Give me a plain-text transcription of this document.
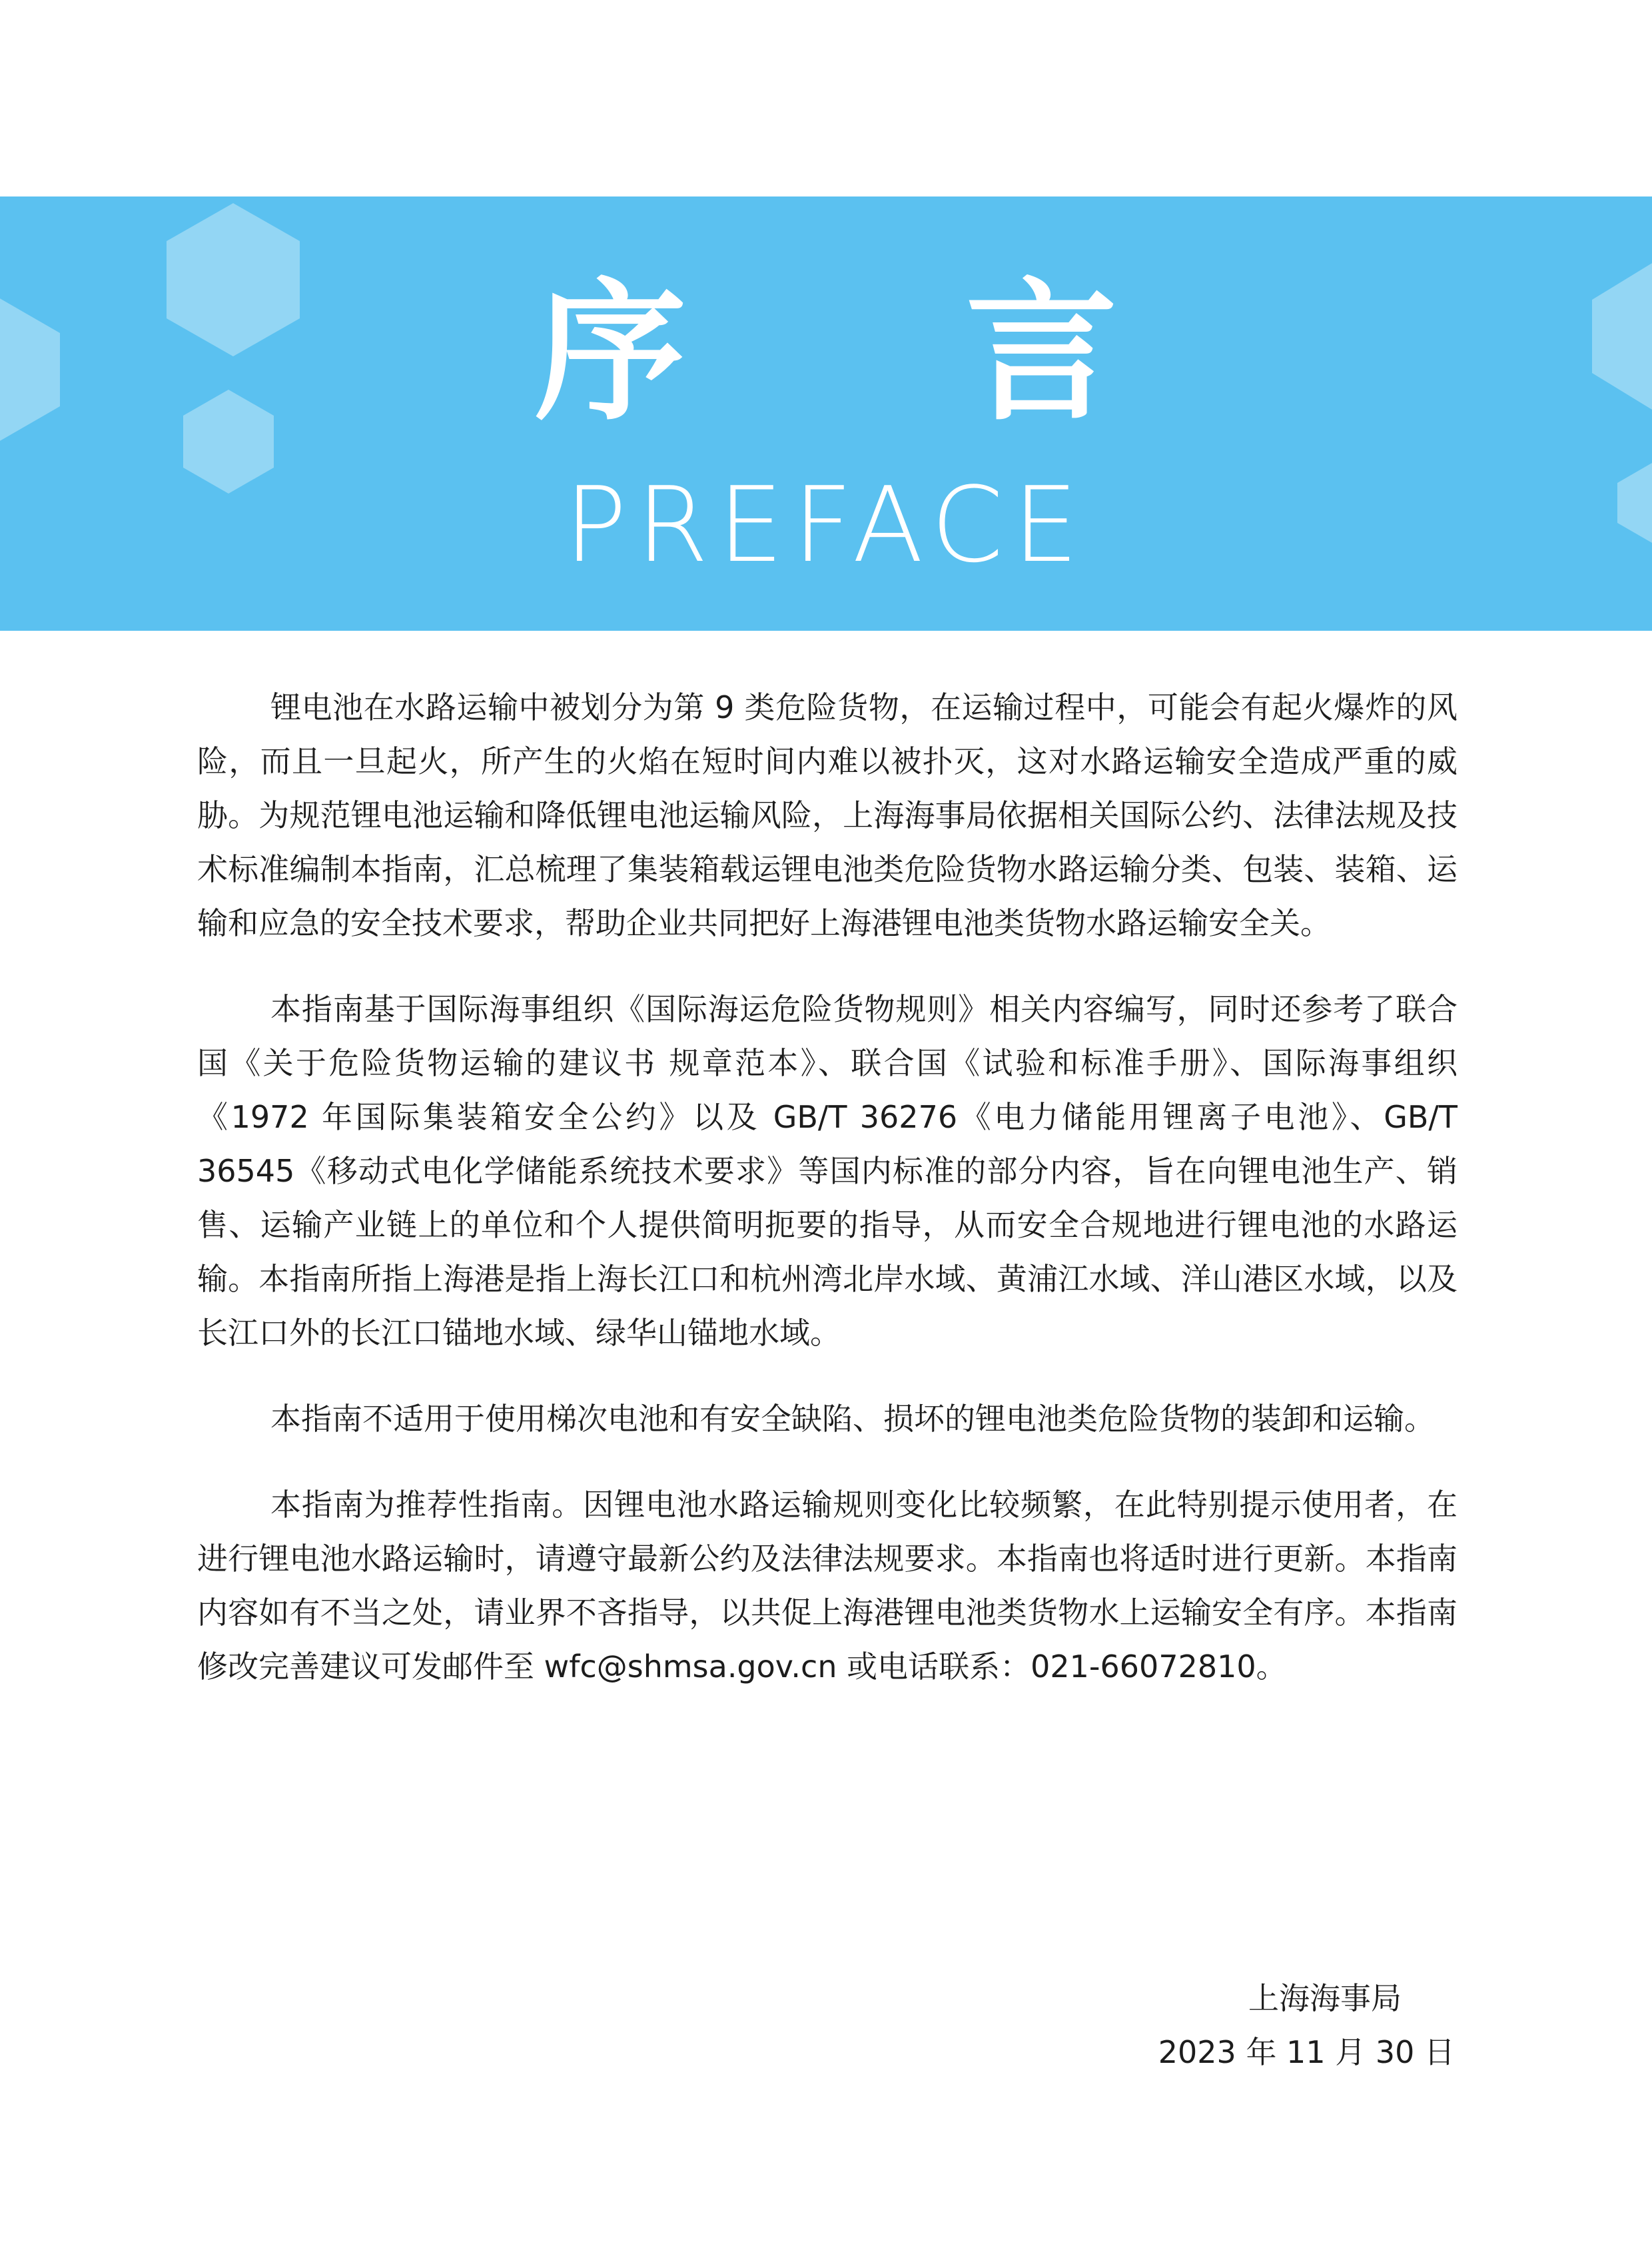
序 言
PREFACE

锂电池在水路运输中被划分为第 9 类危险货物，在运输过程中，可能会有起火爆炸的风险，而且一旦起火，所产生的火焰在短时间内难以被扑灭，这对水路运输安全造成严重的威胁。为规范锂电池运输和降低锂电池运输风险，上海海事局依据相关国际公约、法律法规及技术标准编制本指南，汇总梳理了集装箱载运锂电池类危险货物水路运输分类、包装、装箱、运输和应急的安全技术要求，帮助企业共同把好上海港锂电池类货物水路运输安全关。

本指南基于国际海事组织《国际海运危险货物规则》相关内容编写，同时还参考了联合国《关于危险货物运输的建议书 规章范本》、联合国《试验和标准手册》、国际海事组织《1972 年国际集装箱安全公约》以及 GB/T 36276《电力储能用锂离子电池》、GB/T 36545《移动式电化学储能系统技术要求》等国内标准的部分内容，旨在向锂电池生产、销售、运输产业链上的单位和个人提供简明扼要的指导，从而安全合规地进行锂电池的水路运输。本指南所指上海港是指上海长江口和杭州湾北岸水域、黄浦江水域、洋山港区水域，以及长江口外的长江口锚地水域、绿华山锚地水域。

本指南不适用于使用梯次电池和有安全缺陷、损坏的锂电池类危险货物的装卸和运输。

本指南为推荐性指南。因锂电池水路运输规则变化比较频繁，在此特别提示使用者，在进行锂电池水路运输时，请遵守最新公约及法律法规要求。本指南也将适时进行更新。本指南内容如有不当之处，请业界不吝指导，以共促上海港锂电池类货物水上运输安全有序。本指南修改完善建议可发邮件至 wfc@shmsa.gov.cn 或电话联系：021-66072810。

上海海事局
2023 年 11 月 30 日
